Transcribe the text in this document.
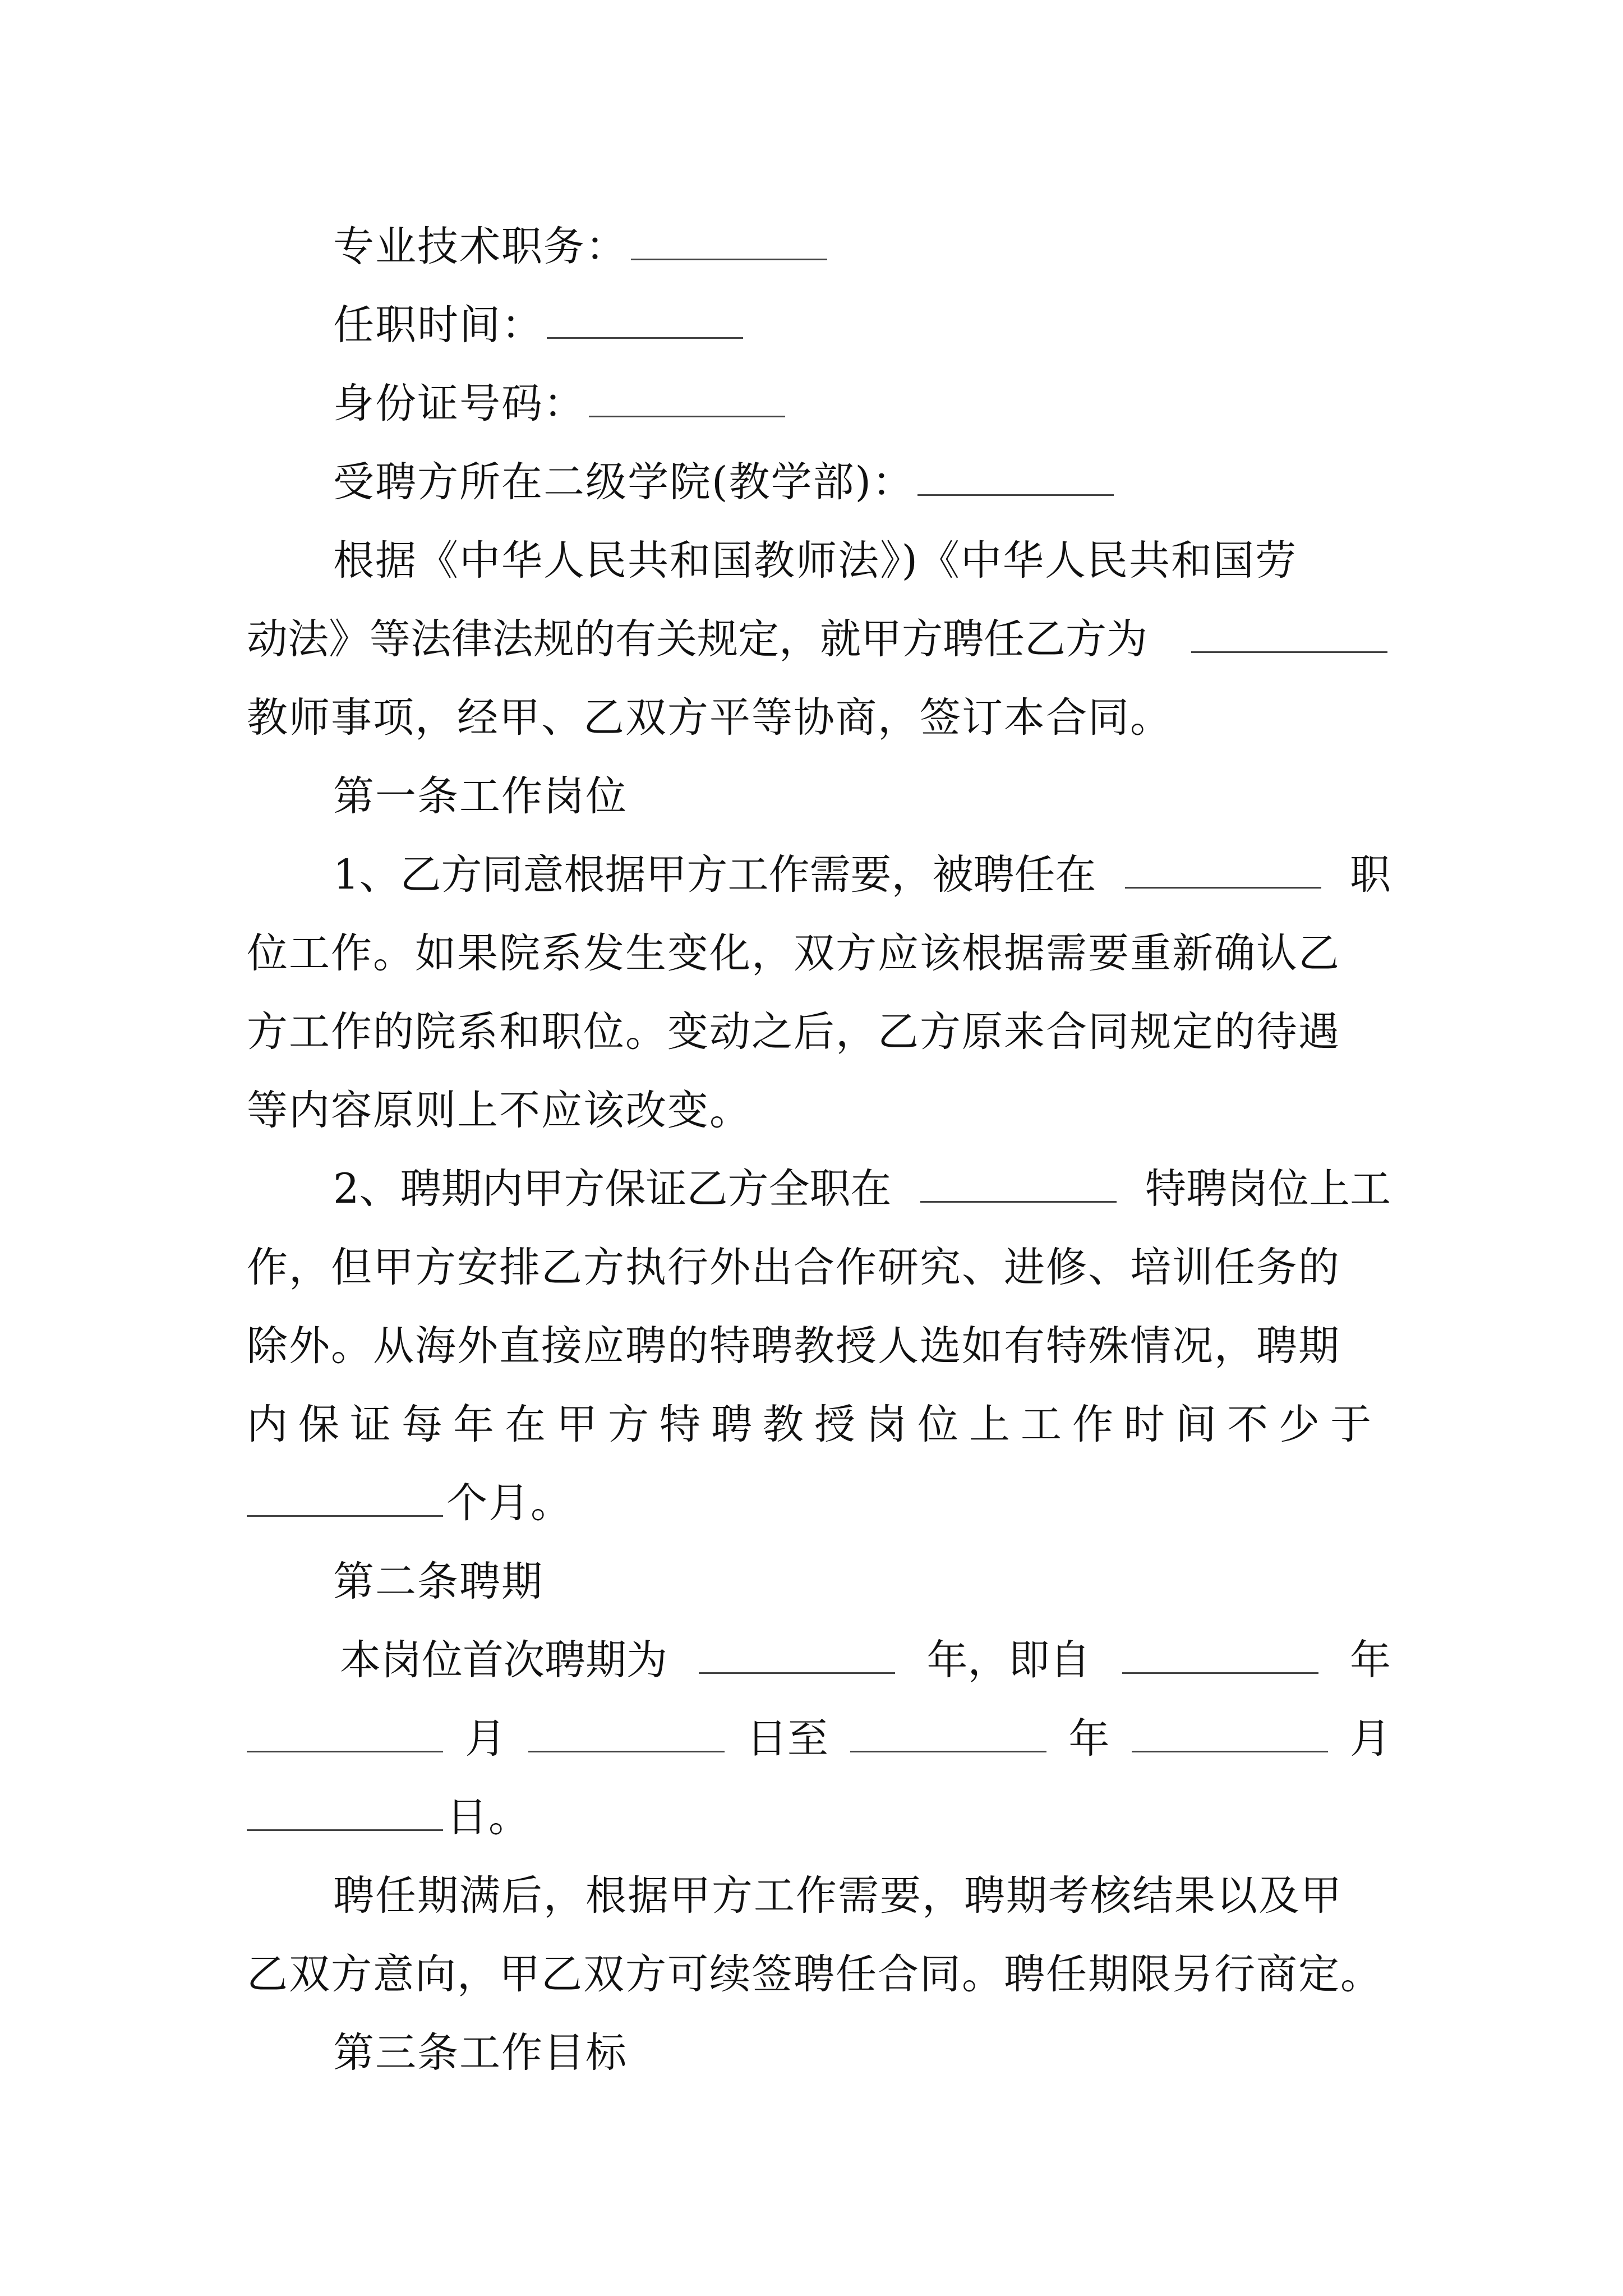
专业技术职务：

任职时间：

身份证号码：

受聘方所在二级学院(教学部)：

根据《中华人民共和国教师法》)《中华人民共和国劳

动法》等法律法规的有关规定，就甲方聘任乙方为

教师事项，经甲、乙双方平等协商，签订本合同。

第一条工作岗位

1、乙方同意根据甲方工作需要，被聘任在	职

位工作。如果院系发生变化，双方应该根据需要重新确认乙

方工作的院系和职位。变动之后，乙方原来合同规定的待遇

等内容原则上不应该改变。

2、聘期内甲方保证乙方全职在	特聘岗位上工

作，但甲方安排乙方执行外出合作研究、进修、培训任务的

除外。从海外直接应聘的特聘教授人选如有特殊情况，聘期

内保证每年在甲方特聘教授岗位上工作时间不少于

个月。

第二条聘期

本岗位首次聘期为	年，即自	年

月	日至	年	月

日。

聘任期满后，根据甲方工作需要，聘期考核结果以及甲

乙双方意向，甲乙双方可续签聘任合同。聘任期限另行商定。

第三条工作目标
